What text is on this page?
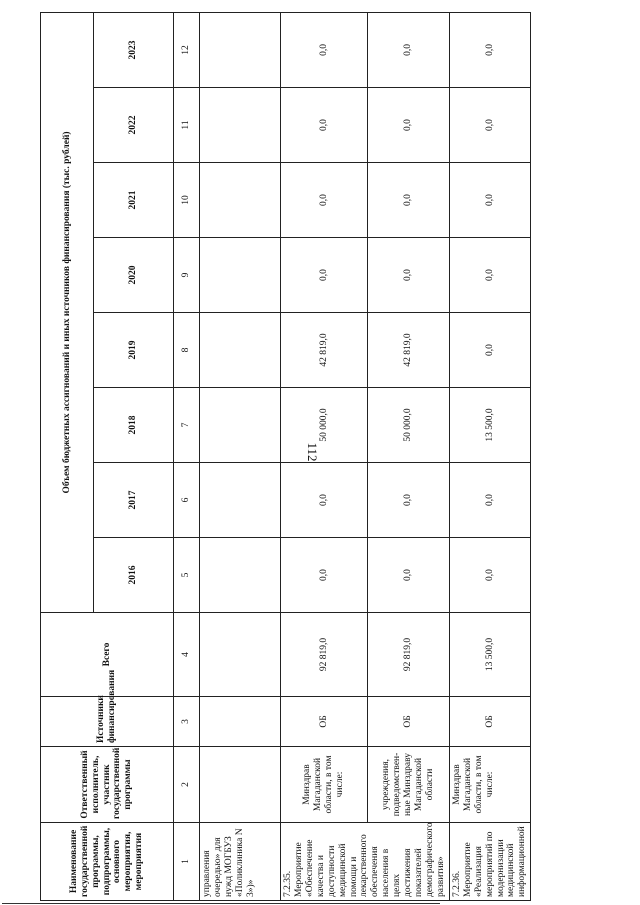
112
Наименование государственной программы, подпрограммы, основного мероприятия, мероприятия	Ответственный исполнитель, участник государственной программы	Источники финансирования	Всего	Объем бюджетных ассигнований и иных источников финансирования (тыс. рублей)							
				2016	2017	2018	2019	2020	2021	2022	2023
1	2	3	4	5	6	7	8	9	10	11	12
управления очередью» для нужд МОГБУЗ «Поликлиника N 3»)»											
7.2.35. Мероприятие «Обеспечение качества и доступности медицинской помощи и лекарственного обеспечения населения в целях достижения показателей демографического развития»	Минздрав Магаданской области, в том числе:	ОБ	92 819,0	0,0	0,0	50 000,0	42 819,0	0,0	0,0	0,0	0,0
	учреждения, подведомствен-ные Минздраву Магаданской области	ОБ	92 819,0	0,0	0,0	50 000,0	42 819,0	0,0	0,0	0,0	0,0
7.2.36. Мероприятие «Реализация мероприятий по модернизации медицинской информационной	Минздрав Магаданской области, в том числе:	ОБ	13 500,0	0,0	0,0	13 500,0	0,0	0,0	0,0	0,0	0,0
